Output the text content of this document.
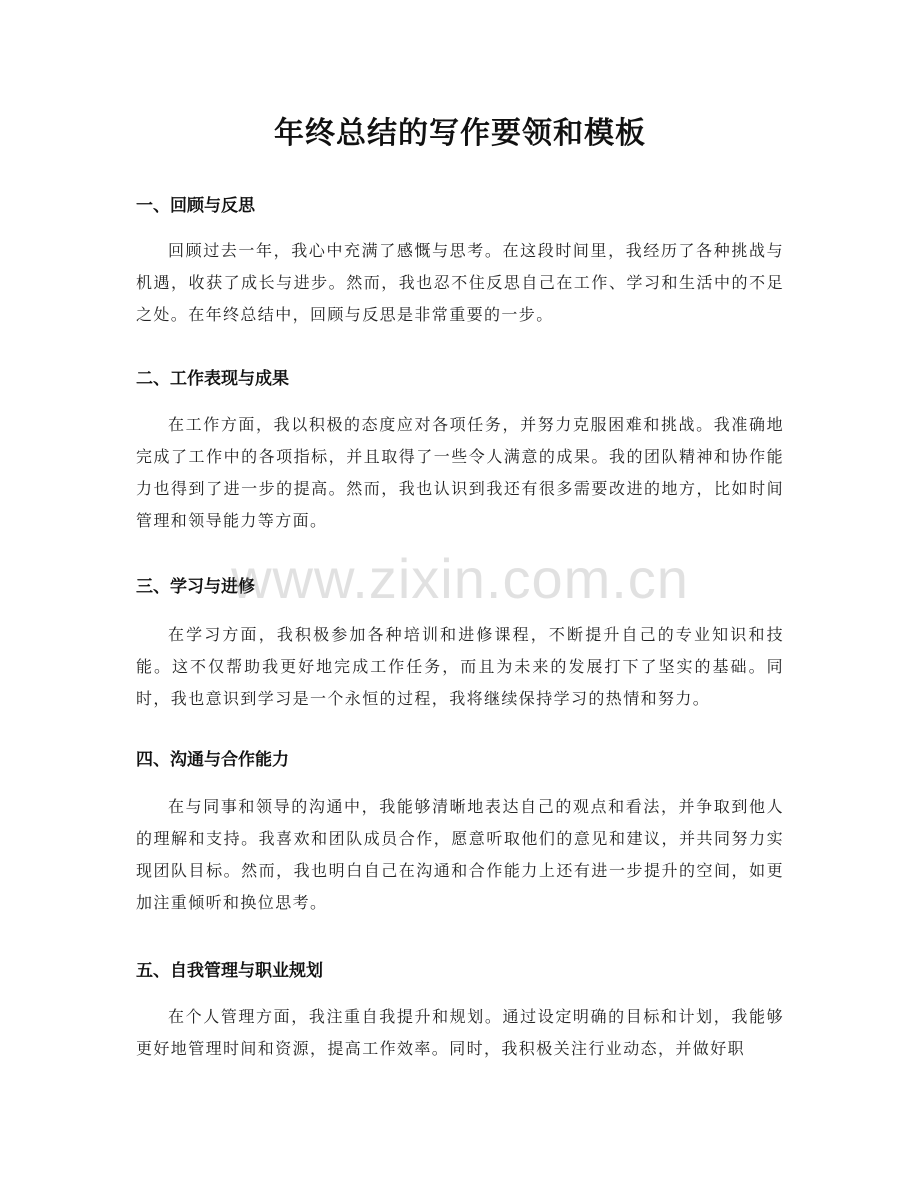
年终总结的写作要领和模板
一、回顾与反思

回顾过去一年，我心中充满了感慨与思考。在这段时间里，我经历了各种挑战与机遇，收获了成长与进步。然而，我也忍不住反思自己在工作、学习和生活中的不足之处。在年终总结中，回顾与反思是非常重要的一步。

二、工作表现与成果

在工作方面，我以积极的态度应对各项任务，并努力克服困难和挑战。我准确地完成了工作中的各项指标，并且取得了一些令人满意的成果。我的团队精神和协作能力也得到了进一步的提高。然而，我也认识到我还有很多需要改进的地方，比如时间管理和领导能力等方面。

三、学习与进修

在学习方面，我积极参加各种培训和进修课程，不断提升自己的专业知识和技能。这不仅帮助我更好地完成工作任务，而且为未来的发展打下了坚实的基础。同时，我也意识到学习是一个永恒的过程，我将继续保持学习的热情和努力。

四、沟通与合作能力

在与同事和领导的沟通中，我能够清晰地表达自己的观点和看法，并争取到他人的理解和支持。我喜欢和团队成员合作，愿意听取他们的意见和建议，并共同努力实现团队目标。然而，我也明白自己在沟通和合作能力上还有进一步提升的空间，如更加注重倾听和换位思考。

五、自我管理与职业规划

在个人管理方面，我注重自我提升和规划。通过设定明确的目标和计划，我能够更好地管理时间和资源，提高工作效率。同时，我积极关注行业动态，并做好职

www.zixin.com.cn
